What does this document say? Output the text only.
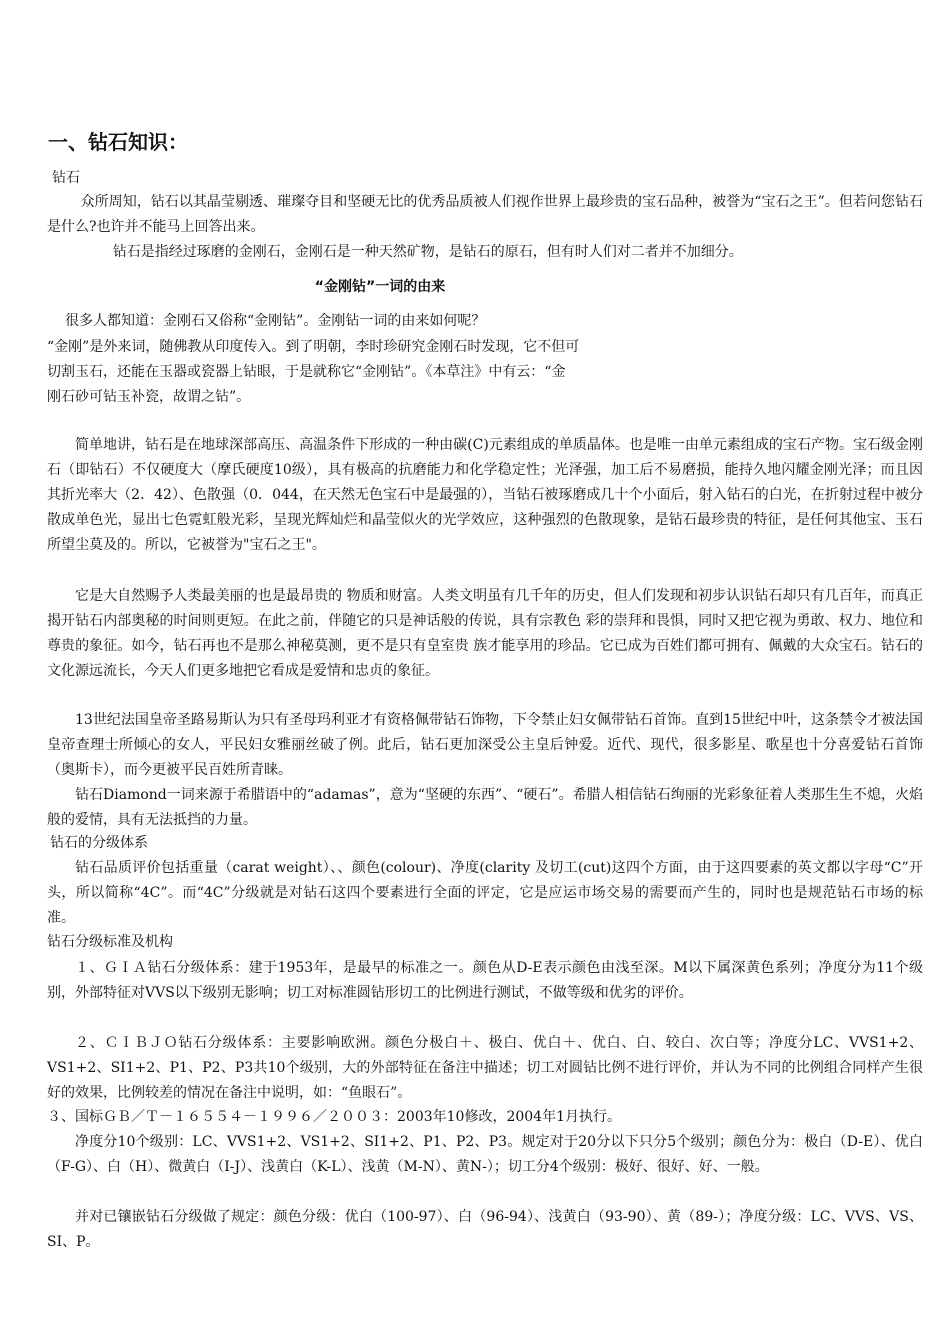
一、钻石知识：

钻石

众所周知，钻石以其晶莹剔透、璀璨夺目和坚硬无比的优秀品质被人们视作世界上最珍贵的宝石品种，被誉为“宝石之王”。但若问您钻石是什么?也许并不能马上回答出来。

钻石是指经过琢磨的金刚石，金刚石是一种天然矿物，是钻石的原石，但有时人们对二者并不加细分。

“金刚钻”一词的由来

很多人都知道：金刚石又俗称“金刚钻”。金刚钻一词的由来如何呢？

“金刚”是外来词，随佛教从印度传入。到了明朝，李时珍研究金刚石时发现，它不但可

切割玉石，还能在玉器或瓷器上钻眼，于是就称它“金刚钻”。《本草注》中有云：“金

刚石砂可钻玉补瓷，故谓之钻”。

简单地讲，钻石是在地球深部高压、高温条件下形成的一种由碳(C)元素组成的单质晶体。也是唯一由单元素组成的宝石产物。宝石级金刚石（即钻石）不仅硬度大（摩氏硬度10级），具有极高的抗磨能力和化学稳定性；光泽强，加工后不易磨损，能持久地闪耀金刚光泽；而且因其折光率大（2．42）、色散强（0．044，在天然无色宝石中是最强的），当钻石被琢磨成几十个小面后，射入钻石的白光，在折射过程中被分散成单色光，显出七色霓虹般光彩，呈现光辉灿烂和晶莹似火的光学效应，这种强烈的色散现象，是钻石最珍贵的特征，是任何其他宝、玉石所望尘莫及的。所以，它被誉为"宝石之王"。

它是大自然赐予人类最美丽的也是最昂贵的 物质和财富。人类文明虽有几千年的历史，但人们发现和初步认识钻石却只有几百年，而真正揭开钻石内部奥秘的时间则更短。在此之前，伴随它的只是神话般的传说，具有宗教色 彩的崇拜和畏惧，同时又把它视为勇敢、权力、地位和尊贵的象征。如今，钻石再也不是那么神秘莫测，更不是只有皇室贵 族才能享用的珍品。它已成为百姓们都可拥有、佩戴的大众宝石。钻石的文化源远流长，今天人们更多地把它看成是爱情和忠贞的象征。

13世纪法国皇帝圣路易斯认为只有圣母玛利亚才有资格佩带钻石饰物，下令禁止妇女佩带钻石首饰。直到15世纪中叶，这条禁令才被法国皇帝查理士所倾心的女人，平民妇女雅丽丝破了例。此后，钻石更加深受公主皇后钟爱。近代、现代，很多影星、歌星也十分喜爱钻石首饰（奥斯卡），而今更被平民百姓所青睐。

钻石Diamond一词来源于希腊语中的“adamas”，意为“坚硬的东西”、“硬石”。希腊人相信钻石绚丽的光彩象征着人类那生生不熄，火焰般的爱情，具有无法抵挡的力量。

钻石的分级体系

钻石品质评价包括重量（carat weight）、、颜色(colour)、净度(clarity 及切工(cut)这四个方面，由于这四要素的英文都以字母“C”开头，所以简称“4C”。而“4C”分级就是对钻石这四个要素进行全面的评定，它是应运市场交易的需要而产生的，同时也是规范钻石市场的标准。

钻石分级标准及机构

１、ＧＩＡ钻石分级体系：建于1953年，是最早的标准之一。颜色从D-E表示颜色由浅至深。M以下属深黄色系列；净度分为11个级别，外部特征对VVS以下级别无影响；切工对标准圆钻形切工的比例进行测试，不做等级和优劣的评价。

２、ＣＩＢＪＯ钻石分级体系：主要影响欧洲。颜色分极白＋、极白、优白＋、优白、白、较白、次白等；净度分LC、VVS1+2、VS1+2、SI1+2、P1、P2、P3共10个级别，大的外部特征在备注中描述；切工对圆钻比例不进行评价，并认为不同的比例组合同样产生很好的效果，比例较差的情况在备注中说明，如：“鱼眼石”。

３、国标ＧＢ／Ｔ－１６５５４－１９９６／２００３：2003年10修改，2004年1月执行。

净度分10个级别：LC、VVS1+2、VS1+2、SI1+2、P1、P2、P3。规定对于20分以下只分5个级别；颜色分为：极白（D-E）、优白（F-G）、白（H）、微黄白（I-J）、浅黄白（K-L）、浅黄（M-N）、黄N-）；切工分4个级别：极好、很好、好、一般。

并对已镶嵌钻石分级做了规定：颜色分级：优白（100-97）、白（96-94）、浅黄白（93-90）、黄（89-）；净度分级：LC、VVS、VS、SI、P。
